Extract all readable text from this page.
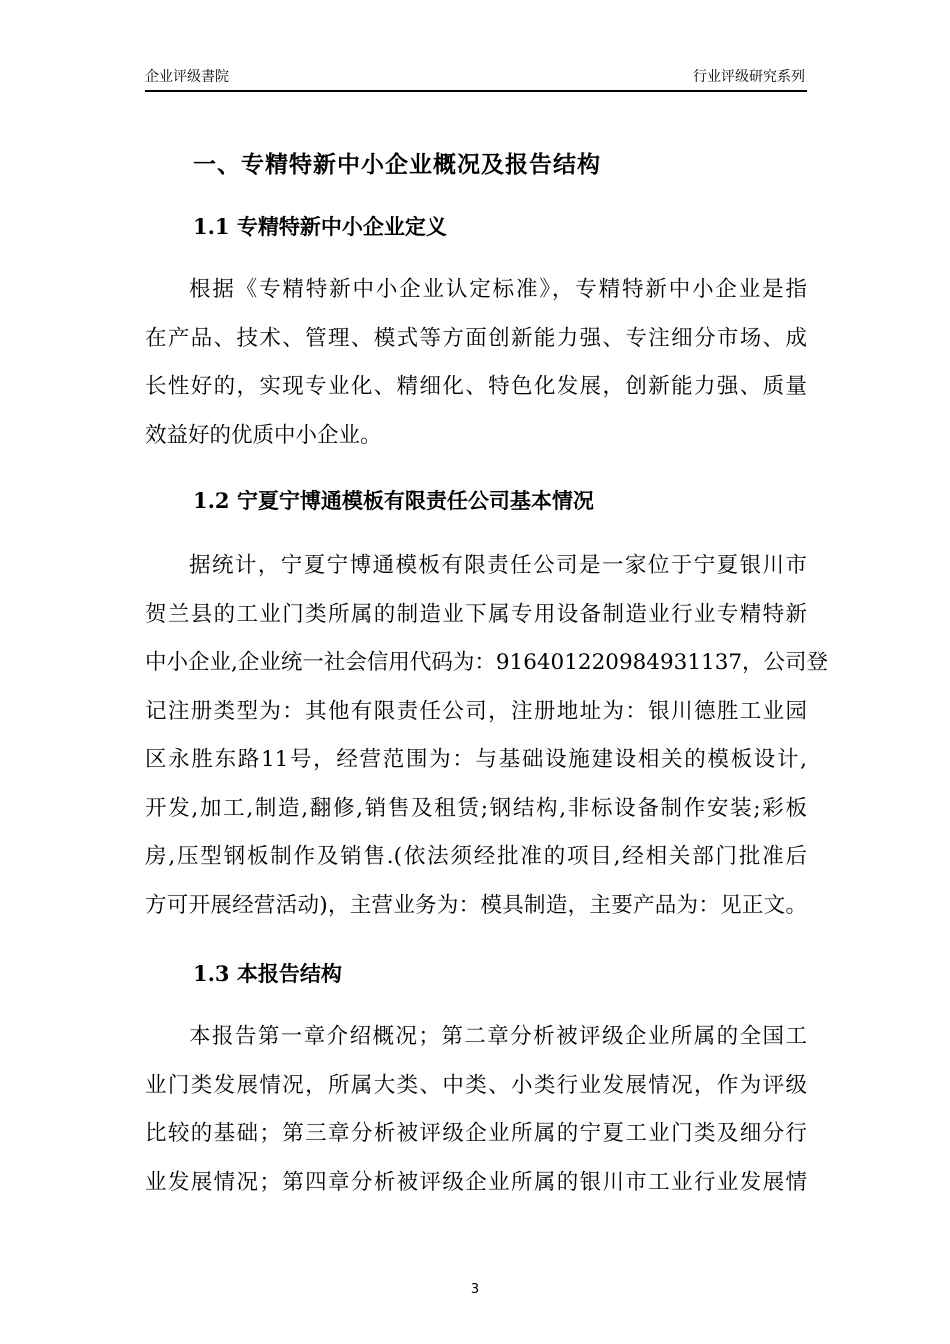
企业评级書院	行业评级研究系列
一、专精特新中小企业概况及报告结构
1.1 专精特新中小企业定义
根据《专精特新中小企业认定标准》，专精特新中小企业是指
在产品、技术、管理、模式等方面创新能力强、专注细分市场、成
长性好的，实现专业化、精细化、特色化发展，创新能力强、质量
效益好的优质中小企业。
1.2 宁夏宁博通模板有限责任公司基本情况
据统计，宁夏宁博通模板有限责任公司是一家位于宁夏银川市
贺兰县的工业门类所属的制造业下属专用设备制造业行业专精特新
中小企业,企业统一社会信用代码为：916401220984931137，公司登
记注册类型为：其他有限责任公司，注册地址为：银川德胜工业园
区永胜东路11号，经营范围为：与基础设施建设相关的模板设计,
开发,加工,制造,翻修,销售及租赁;钢结构,非标设备制作安装;彩板
房,压型钢板制作及销售.(依法须经批准的项目,经相关部门批准后
方可开展经营活动)，主营业务为：模具制造，主要产品为：见正文。
1.3 本报告结构
本报告第一章介绍概况；第二章分析被评级企业所属的全国工
业门类发展情况，所属大类、中类、小类行业发展情况，作为评级
比较的基础；第三章分析被评级企业所属的宁夏工业门类及细分行
业发展情况；第四章分析被评级企业所属的银川市工业行业发展情
3
